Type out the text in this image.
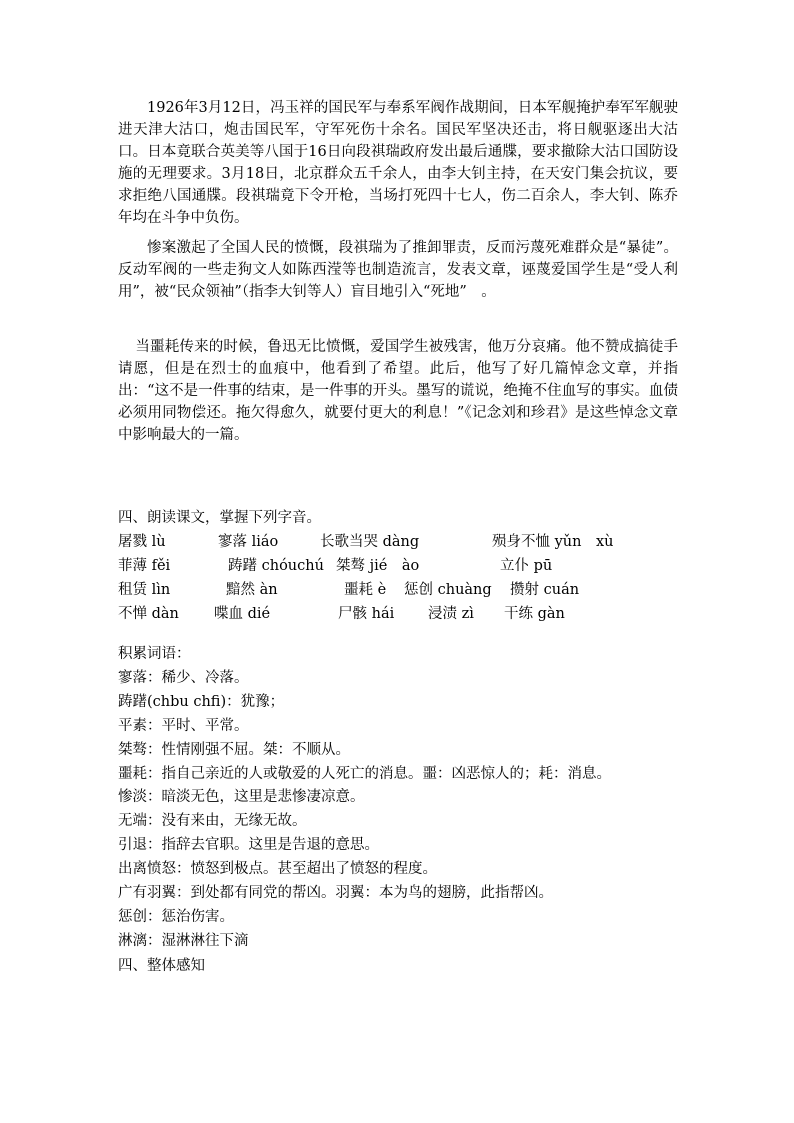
1926年3月12日，冯玉祥的国民军与奉系军阀作战期间，日本军舰掩护奉军军舰驶进天津大沽口，炮击国民军，守军死伤十余名。国民军坚决还击，将日舰驱逐出大沽口。日本竟联合英美等八国于16日向段祺瑞政府发出最后通牒，要求撤除大沽口国防设施的无理要求。3月18日，北京群众五千余人，由李大钊主持，在天安门集会抗议，要求拒绝八国通牒。段祺瑞竟下令开枪，当场打死四十七人，伤二百余人，李大钊、陈乔年均在斗争中负伤。

惨案激起了全国人民的愤慨，段祺瑞为了推卸罪责，反而污蔑死难群众是“暴徒”。反动军阀的一些走狗文人如陈西滢等也制造流言，发表文章，诬蔑爱国学生是“受人利用”，被“民众领袖”（指李大钊等人）盲目地引入“死地”　。

当噩耗传来的时候，鲁迅无比愤慨，爱国学生被残害，他万分哀痛。他不赞成搞徒手请愿，但是在烈士的血痕中，他看到了希望。此后，他写了好几篇悼念文章，并指出：“这不是一件事的结束，是一件事的开头。墨写的谎说，绝掩不住血写的事实。血债必须用同物偿还。拖欠得愈久，就要付更大的利息！”《记念刘和珍君》是这些悼念文章中影响最大的一篇。

四、朗读课文，掌握下列字音。

屠戮 lù	寥落 liáo	长歌当哭 dàng	殒身不恤 yǔn　xù
菲薄 fěi	踌躇 chóuchú 桀骜 jié　ào	立仆 pū
租赁 lìn	黯然 àn	噩耗 è 惩创 chuàng 攒射 cuán
不惮 dàn 喋血 dié	尸骸 hái 浸渍 zì 干练 gàn
积累词语：
寥落：稀少、冷落。
踌躇(chbu chfi)：犹豫；
平素：平时、平常。
桀骜：性情刚强不屈。桀：不顺从。
噩耗：指自己亲近的人或敬爱的人死亡的消息。噩：凶恶惊人的；耗：消息。
惨淡：暗淡无色，这里是悲惨凄凉意。
无端：没有来由，无缘无故。
引退：指辞去官职。这里是告退的意思。
出离愤怒：愤怒到极点。甚至超出了愤怒的程度。
广有羽翼：到处都有同党的帮凶。羽翼：本为鸟的翅膀，此指帮凶。
惩创：惩治伤害。
淋漓：湿淋淋往下滴

四、整体感知
